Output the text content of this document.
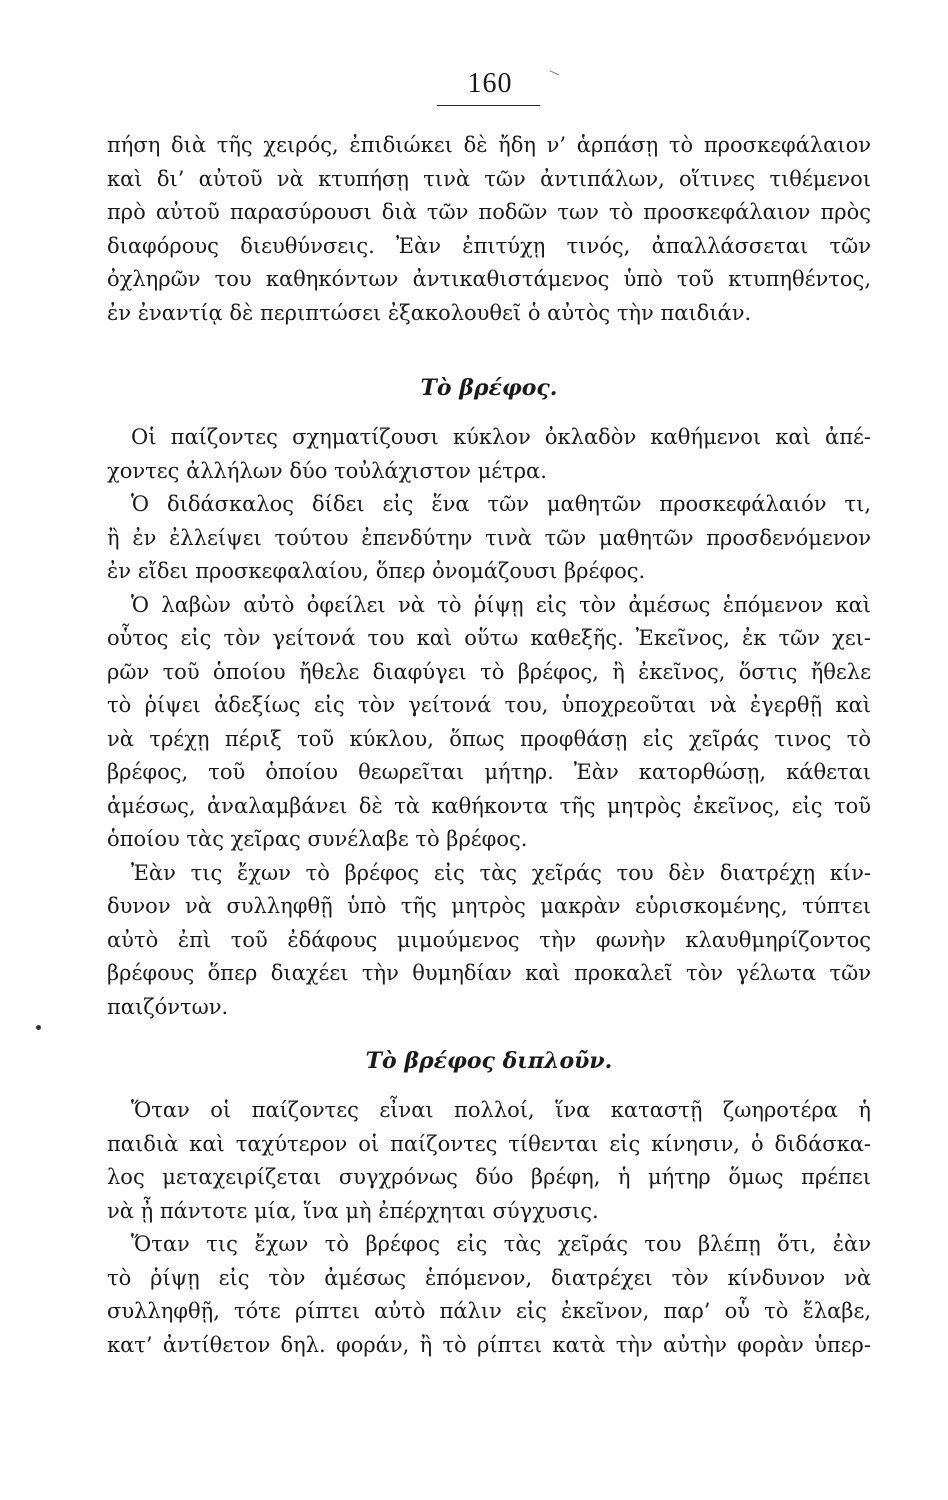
160
πήση διὰ τῆς χειρός, ἐπιδιώκει δὲ ἤδη ν’ ἁρπάσῃ τὸ προσκεφάλαιον
καὶ δι’ αὐτοῦ νὰ κτυπήσῃ τινὰ τῶν ἀντιπάλων, οἵτινες τιθέμενοι
πρὸ αὐτοῦ παρασύρουσι διὰ τῶν ποδῶν των τὸ προσκεφάλαιον πρὸς
διαφόρους διευθύνσεις. Ἐὰν ἐπιτύχῃ τινός, ἀπαλλάσσεται τῶν
ὀχληρῶν του καθηκόντων ἀντικαθιστάμενος ὑπὸ τοῦ κτυπηθέντος,
ἐν ἐναντίᾳ δὲ περιπτώσει ἐξακολουθεῖ ὁ αὐτὸς τὴν παιδιάν.
Τὸ βρέφος.
Οἱ παίζοντες σχηματίζουσι κύκλον ὀκλαδὸν καθήμενοι καὶ ἀπέ-
χοντες ἀλλήλων δύο τοὐλάχιστον μέτρα.
Ὁ διδάσκαλος δίδει εἰς ἕνα τῶν μαθητῶν προσκεφάλαιόν τι,
ἢ ἐν ἐλλείψει τούτου ἐπενδύτην τινὰ τῶν μαθητῶν προσδενόμενον
ἐν εἴδει προσκεφαλαίου, ὅπερ ὀνομάζουσι βρέφος.
Ὁ λαβὼν αὐτὸ ὀφείλει νὰ τὸ ῥίψῃ εἰς τὸν ἀμέσως ἑπόμενον καὶ
οὗτος εἰς τὸν γείτονά του καὶ οὕτω καθεξῆς. Ἐκεῖνος, ἐκ τῶν χει-
ρῶν τοῦ ὁποίου ἤθελε διαφύγει τὸ βρέφος, ἢ ἐκεῖνος, ὅστις ἤθελε
τὸ ῥίψει ἀδεξίως εἰς τὸν γείτονά του, ὑποχρεοῦται νὰ ἐγερθῇ καὶ
νὰ τρέχῃ πέριξ τοῦ κύκλου, ὅπως προφθάσῃ εἰς χεῖράς τινος τὸ
βρέφος, τοῦ ὁποίου θεωρεῖται μήτηρ. Ἐὰν κατορθώσῃ, κάθεται
ἀμέσως, ἀναλαμβάνει δὲ τὰ καθήκοντα τῆς μητρὸς ἐκεῖνος, εἰς τοῦ
ὁποίου τὰς χεῖρας συνέλαβε τὸ βρέφος.
Ἐὰν τις ἔχων τὸ βρέφος εἰς τὰς χεῖράς του δὲν διατρέχῃ κίν-
δυνον νὰ συλληφθῇ ὑπὸ τῆς μητρὸς μακρὰν εὑρισκομένης, τύπτει
αὐτὸ ἐπὶ τοῦ ἐδάφους μιμούμενος τὴν φωνὴν κλαυθμηρίζοντος
βρέφους ὅπερ διαχέει τὴν θυμηδίαν καὶ προκαλεῖ τὸν γέλωτα τῶν
παιζόντων.
Τὸ βρέφος διπλοῦν.
Ὅταν οἱ παίζοντες εἶναι πολλοί, ἵνα καταστῇ ζωηροτέρα ἡ
παιδιὰ καὶ ταχύτερον οἱ παίζοντες τίθενται εἰς κίνησιν, ὁ διδάσκα-
λος μεταχειρίζεται συγχρόνως δύο βρέφη, ἡ μήτηρ ὅμως πρέπει
νὰ ᾖ πάντοτε μία, ἵνα μὴ ἐπέρχηται σύγχυσις.
Ὅταν τις ἔχων τὸ βρέφος εἰς τὰς χεῖράς του βλέπῃ ὅτι, ἐὰν
τὸ ῥίψῃ εἰς τὸν ἀμέσως ἑπόμενον, διατρέχει τὸν κίνδυνον νὰ
συλληφθῇ, τότε ρίπτει αὐτὸ πάλιν εἰς ἐκεῖνον, παρ’ οὗ τὸ ἔλαβε,
κατ’ ἀντίθετον δηλ. φοράν, ἢ τὸ ρίπτει κατὰ τὴν αὐτὴν φορὰν ὑπερ-
